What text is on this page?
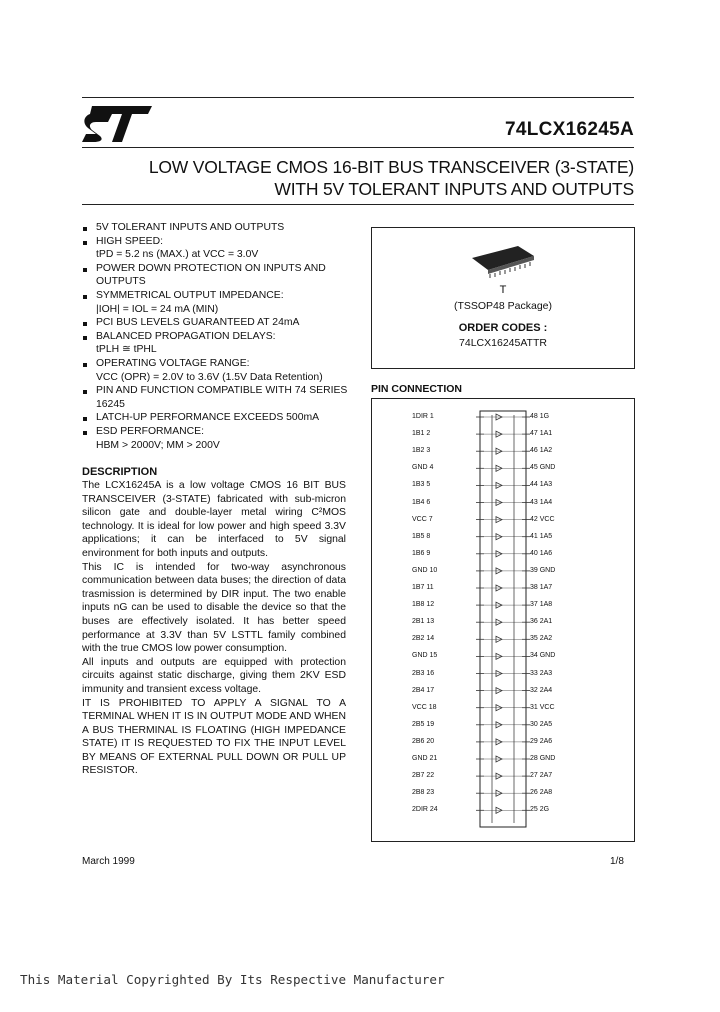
74LCX16245A
LOW VOLTAGE CMOS 16-BIT BUS TRANSCEIVER (3-STATE)
WITH 5V TOLERANT INPUTS AND OUTPUTS
5V TOLERANT INPUTS AND OUTPUTS
HIGH SPEED:
tPD = 5.2 ns (MAX.) at VCC = 3.0V
POWER DOWN PROTECTION ON INPUTS AND OUTPUTS
SYMMETRICAL OUTPUT IMPEDANCE:
|IOH| = IOL = 24 mA (MIN)
PCI BUS LEVELS GUARANTEED AT 24mA
BALANCED PROPAGATION DELAYS:
tPLH ≅ tPHL
OPERATING VOLTAGE RANGE:
VCC (OPR) = 2.0V to 3.6V (1.5V Data Retention)
PIN AND FUNCTION COMPATIBLE WITH 74 SERIES 16245
LATCH-UP PERFORMANCE EXCEEDS 500mA
ESD PERFORMANCE:
HBM > 2000V; MM > 200V
DESCRIPTION

The LCX16245A is a low voltage CMOS 16 BIT BUS TRANSCEIVER (3-STATE) fabricated with sub-micron silicon gate and double-layer metal wiring C²MOS technology. It is ideal for low power and high speed 3.3V applications; it can be interfaced to 5V signal environment for both inputs and outputs.

This IC is intended for two-way asynchronous communication between data buses; the direction of data trasmission is determined by DIR input. The two enable inputs nG can be used to disable the device so that the buses are effectively isolated. It has better speed performance at 3.3V than 5V LSTTL family combined with the true CMOS low power consumption.

All inputs and outputs are equipped with protection circuits against static discharge, giving them 2KV ESD immunity and transient excess voltage.

IT IS PROHIBITED TO APPLY A SIGNAL TO A TERMINAL WHEN IT IS IN OUTPUT MODE AND WHEN A BUS THERMINAL IS FLOATING (HIGH IMPEDANCE STATE) IT IS REQUESTED TO FIX THE INPUT LEVEL BY MEANS OF EXTERNAL PULL DOWN OR PULL UP RESISTOR.

T
(TSSOP48 Package)
ORDER CODES :
74LCX16245ATTR
PIN CONNECTION
1DIR 1
1B1 2
1B2 3
GND 4
1B3 5
1B4 6
VCC 7
1B5 8
1B6 9
GND 10
1B7 11
1B8 12
2B1 13
2B2 14
GND 15
2B3 16
2B4 17
VCC 18
2B5 19
2B6 20
GND 21
2B7 22
2B8 23
2DIR 24
48 1G
47 1A1
46 1A2
45 GND
44 1A3
43 1A4
42 VCC
41 1A5
40 1A6
39 GND
38 1A7
37 1A8
36 2A1
35 2A2
34 GND
33 2A3
32 2A4
31 VCC
30 2A5
29 2A6
28 GND
27 2A7
26 2A8
25 2G
March 1999	1/8
This Material Copyrighted By Its Respective Manufacturer
